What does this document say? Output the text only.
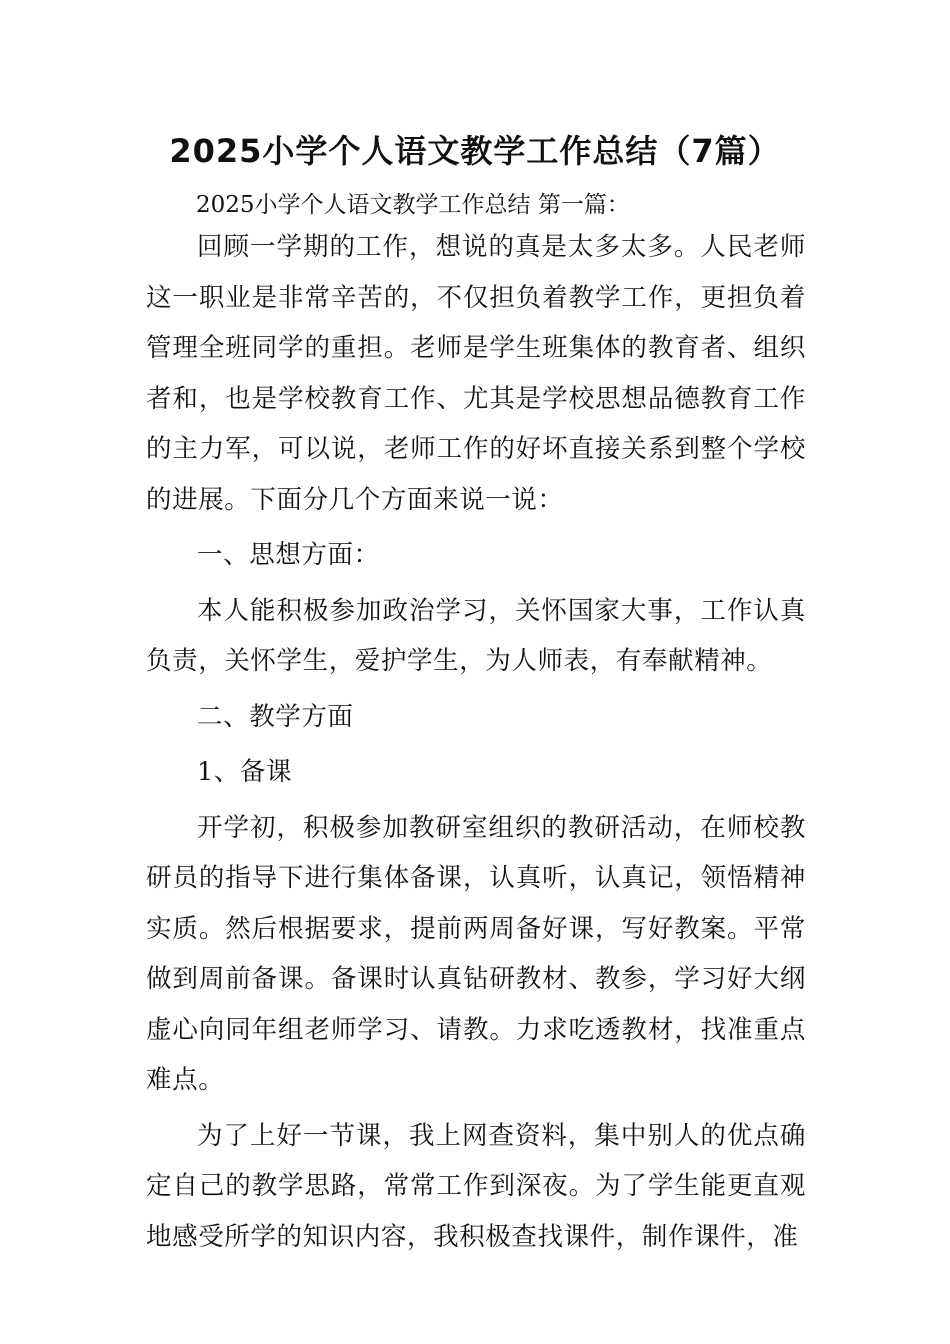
2025小学个人语文教学工作总结（7篇）
2025小学个人语文教学工作总结 第一篇：

回顾一学期的工作，想说的真是太多太多。人民老师这一职业是非常辛苦的，不仅担负着教学工作，更担负着管理全班同学的重担。老师是学生班集体的教育者、组织者和，也是学校教育工作、尤其是学校思想品德教育工作的主力军，可以说，老师工作的好坏直接关系到整个学校的进展。下面分几个方面来说一说：

一、思想方面：

本人能积极参加政治学习，关怀国家大事，工作认真负责，关怀学生，爱护学生，为人师表，有奉献精神。

二、教学方面

1、备课

开学初，积极参加教研室组织的教研活动，在师校教研员的指导下进行集体备课，认真听，认真记，领悟精神实质。然后根据要求，提前两周备好课，写好教案。平常做到周前备课。备课时认真钻研教材、教参，学习好大纲虚心向同年组老师学习、请教。力求吃透教材，找准重点难点。

为了上好一节课，我上网查资料，集中别人的优点确定自己的教学思路，常常工作到深夜。为了学生能更直观地感受所学的知识内容，我积极查找课件，制作课件，准
